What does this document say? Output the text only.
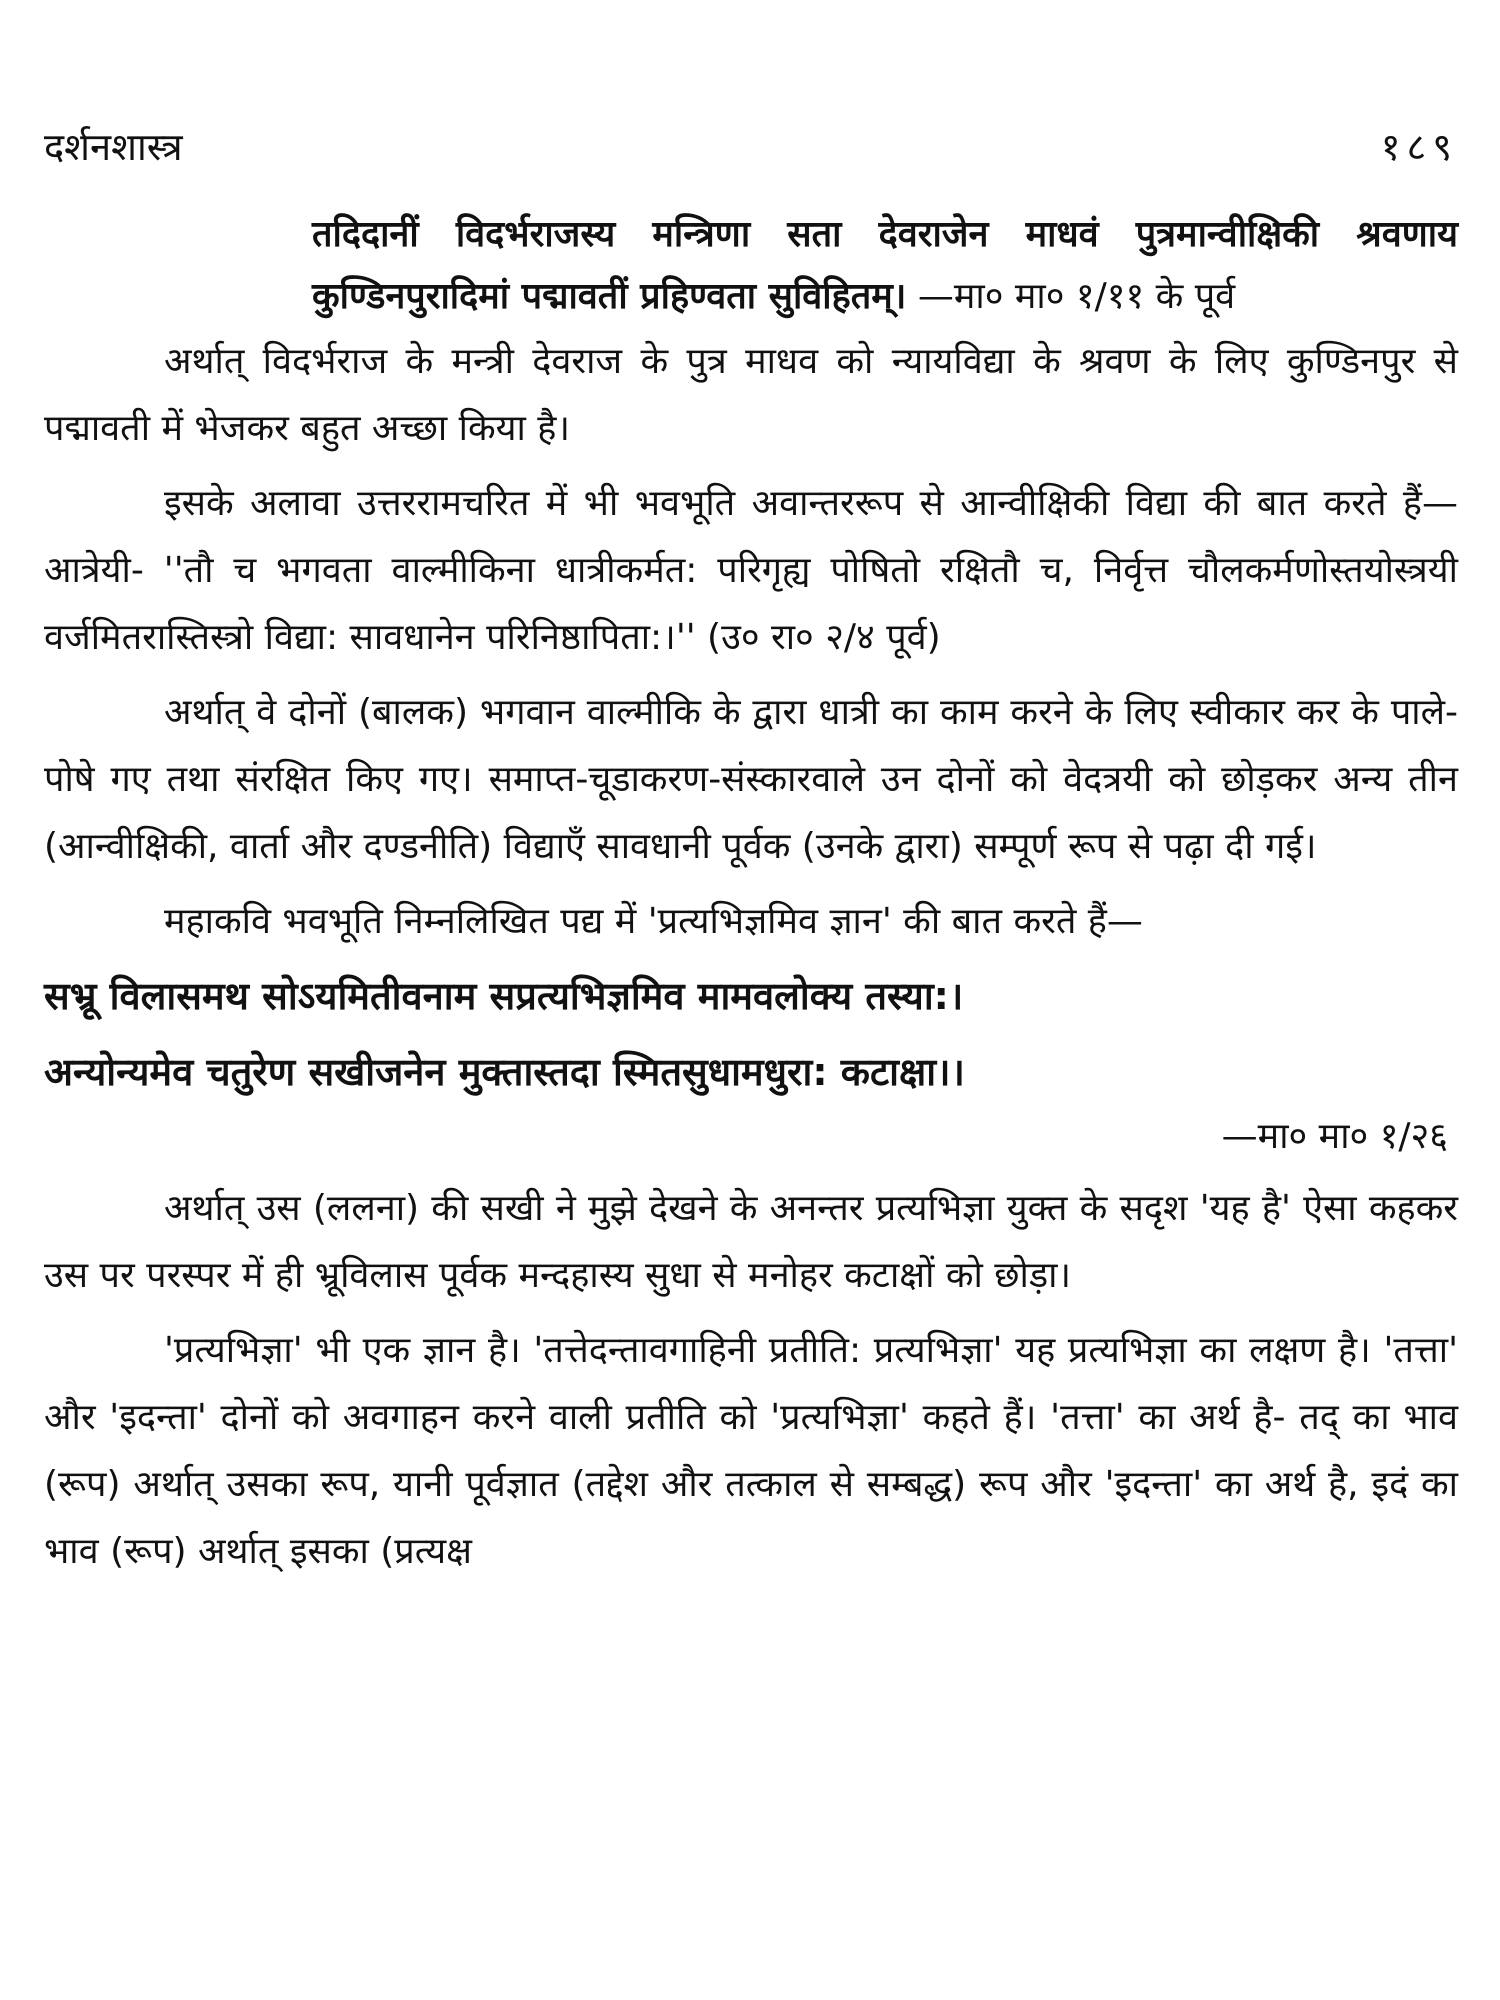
दर्शनशास्त्र	१८९
तदिदानीं विदर्भराजस्य मन्त्रिणा सता देवराजेन माधवं पुत्रमान्वीक्षिकी श्रवणाय कुण्डिनपुरादिमां पद्मावतीं प्रहिण्वता सुविहितम्। —मा० मा० १/११ के पूर्व

अर्थात् विदर्भराज के मन्त्री देवराज के पुत्र माधव को न्यायविद्या के श्रवण के लिए कुण्डिनपुर से पद्मावती में भेजकर बहुत अच्छा किया है।

इसके अलावा उत्तररामचरित में भी भवभूति अवान्तररूप से आन्वीक्षिकी विद्या की बात करते हैं— आत्रेयी- ''तौ च भगवता वाल्मीकिना धात्रीकर्मत: परिगृह्य पोषितो रक्षितौ च, निर्वृत्त चौलकर्मणोस्तयोस्त्रयी वर्जमितरास्तिस्त्रो विद्या: सावधानेन परिनिष्ठापिता:।'' (उ० रा० २/४ पूर्व)

अर्थात् वे दोनों (बालक) भगवान वाल्मीकि के द्वारा धात्री का काम करने के लिए स्वीकार कर के पाले-पोषे गए तथा संरक्षित किए गए। समाप्त-चूडाकरण-संस्कारवाले उन दोनों को वेदत्रयी को छोड़कर अन्य तीन (आन्वीक्षिकी, वार्ता और दण्डनीति) विद्याएँ सावधानी पूर्वक (उनके द्वारा) सम्पूर्ण रूप से पढ़ा दी गई।

महाकवि भवभूति निम्नलिखित पद्य में 'प्रत्यभिज्ञमिव ज्ञान' की बात करते हैं—

सभ्रू विलासमथ सोऽयमितीवनाम सप्रत्यभिज्ञमिव मामवलोक्य तस्या:।

अन्योन्यमेव चतुरेण सखीजनेन मुक्तास्तदा स्मितसुधामधुरा: कटाक्षा।।

—मा० मा० १/२६

अर्थात् उस (ललना) की सखी ने मुझे देखने के अनन्तर प्रत्यभिज्ञा युक्त के सदृश 'यह है' ऐसा कहकर उस पर परस्पर में ही भ्रूविलास पूर्वक मन्दहास्य सुधा से मनोहर कटाक्षों को छोड़ा।

'प्रत्यभिज्ञा' भी एक ज्ञान है। 'तत्तेदन्तावगाहिनी प्रतीति: प्रत्यभिज्ञा' यह प्रत्यभिज्ञा का लक्षण है। 'तत्ता' और 'इदन्ता' दोनों को अवगाहन करने वाली प्रतीति को 'प्रत्यभिज्ञा' कहते हैं। 'तत्ता' का अर्थ है- तद् का भाव (रूप) अर्थात् उसका रूप, यानी पूर्वज्ञात (तद्देश और तत्काल से सम्बद्ध) रूप और 'इदन्ता' का अर्थ है, इदं का भाव (रूप) अर्थात् इसका (प्रत्यक्ष
